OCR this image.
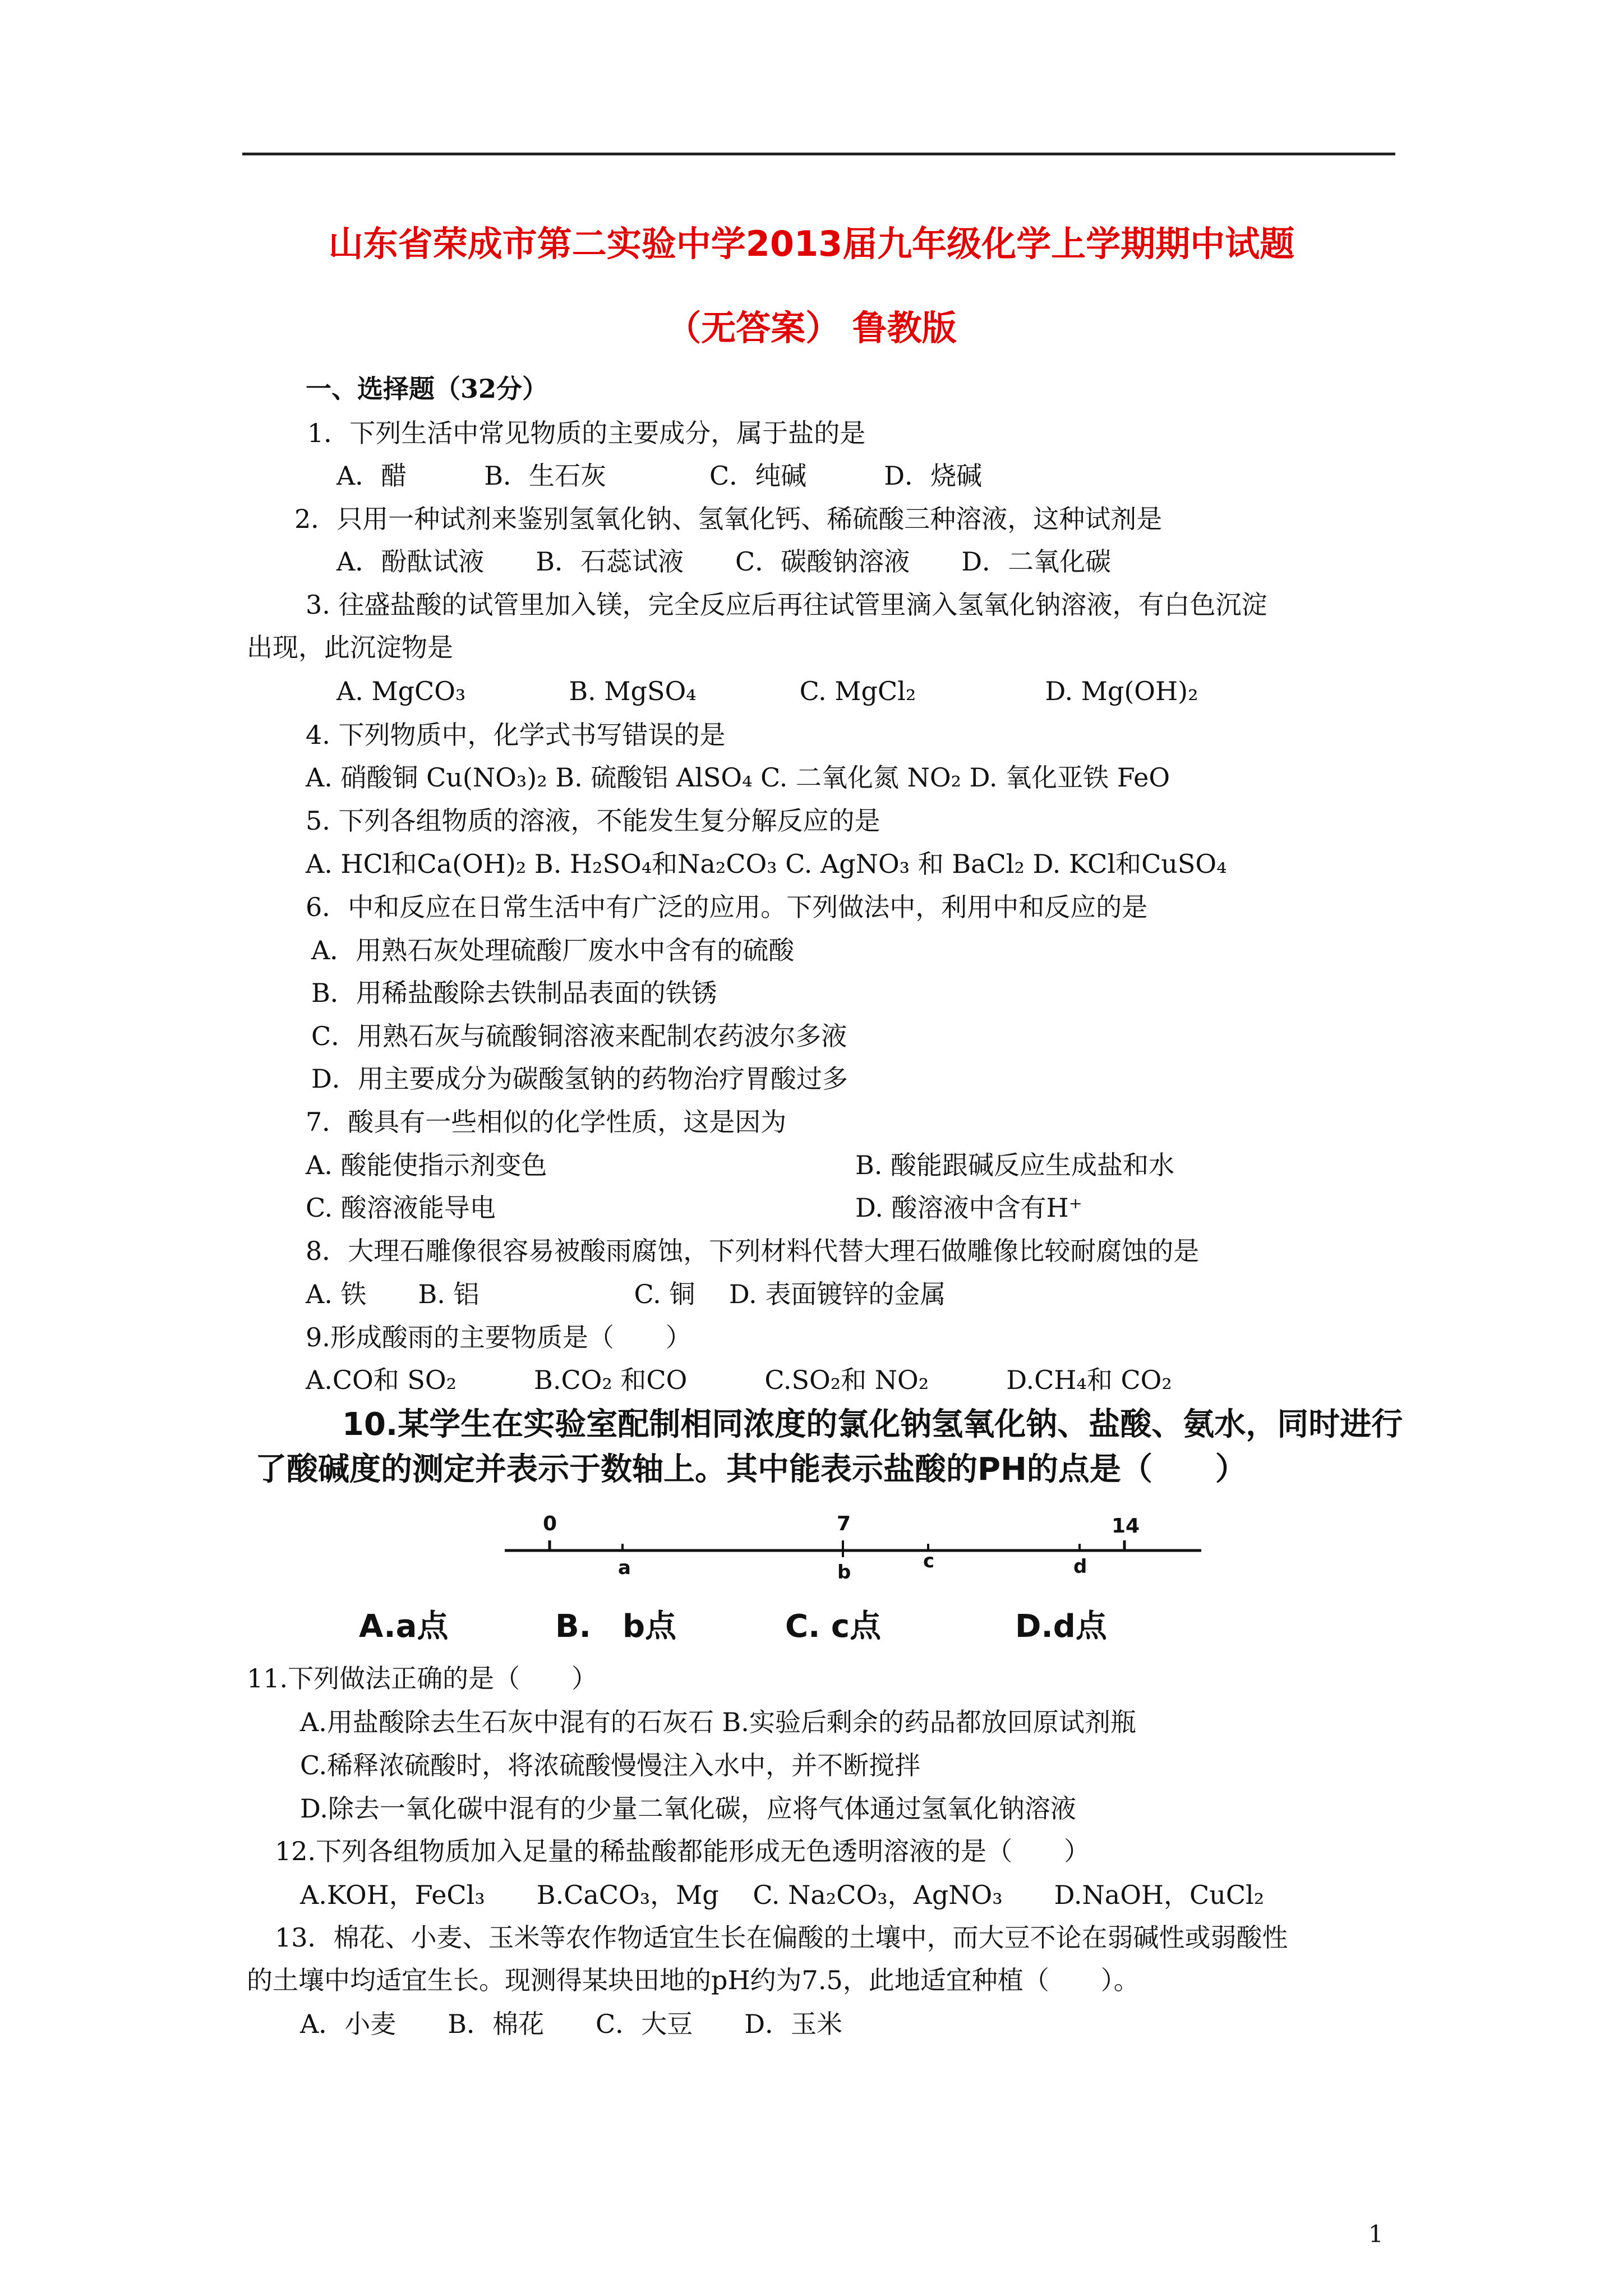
山东省荣成市第二实验中学2013届九年级化学上学期期中试题
（无答案） 鲁教版
一、选择题（32分）
1．下列生活中常见物质的主要成分，属于盐的是
A．醋　　　B．生石灰　　　　C．纯碱　　　D．烧碱
2．只用一种试剂来鉴别氢氧化钠、氢氧化钙、稀硫酸三种溶液，这种试剂是
A．酚酞试液　　B．石蕊试液　　C．碳酸钠溶液　　D．二氧化碳
3. 往盛盐酸的试管里加入镁，完全反应后再往试管里滴入氢氧化钠溶液，有白色沉淀
出现，此沉淀物是
A. MgCO₃　　　　B. MgSO₄　　　　C. MgCl₂　　　　　D. Mg(OH)₂
4. 下列物质中，化学式书写错误的是
A. 硝酸铜 Cu(NO₃)₂ B. 硫酸铝 AlSO₄ C. 二氧化氮 NO₂ D. 氧化亚铁 FeO
5. 下列各组物质的溶液，不能发生复分解反应的是
A. HCl和Ca(OH)₂ B. H₂SO₄和Na₂CO₃ C. AgNO₃ 和 BaCl₂ D. KCl和CuSO₄
6．中和反应在日常生活中有广泛的应用。下列做法中，利用中和反应的是
A．用熟石灰处理硫酸厂废水中含有的硫酸
B．用稀盐酸除去铁制品表面的铁锈
C．用熟石灰与硫酸铜溶液来配制农药波尔多液
D．用主要成分为碳酸氢钠的药物治疗胃酸过多
7．酸具有一些相似的化学性质，这是因为
A. 酸能使指示剂变色	B. 酸能跟碱反应生成盐和水
C. 酸溶液能导电	D. 酸溶液中含有H⁺
8．大理石雕像很容易被酸雨腐蚀，下列材料代替大理石做雕像比较耐腐蚀的是
A. 铁　　B. 铝　　　　　　C. 铜　 D. 表面镀锌的金属
9.形成酸雨的主要物质是（　　）
A.CO和 SO₂　　　B.CO₂ 和CO　　　C.SO₂和 NO₂　　　D.CH₄和 CO₂
10.某学生在实验室配制相同浓度的氯化钠氢氧化钠、盐酸、氨水，同时进行
了酸碱度的测定并表示于数轴上。其中能表示盐酸的PH的点是（　　）
0	7	14
a	b	c	d
A.a点	B.　b点	C. c点	D.d点
11.下列做法正确的是（　　）
A.用盐酸除去生石灰中混有的石灰石 B.实验后剩余的药品都放回原试剂瓶
C.稀释浓硫酸时，将浓硫酸慢慢注入水中，并不断搅拌
D.除去一氧化碳中混有的少量二氧化碳，应将气体通过氢氧化钠溶液
12.下列各组物质加入足量的稀盐酸都能形成无色透明溶液的是（　　）
A.KOH，FeCl₃　　B.CaCO₃，Mg　 C. Na₂CO₃，AgNO₃　　D.NaOH，CuCl₂
13．棉花、小麦、玉米等农作物适宜生长在偏酸的土壤中，而大豆不论在弱碱性或弱酸性
的土壤中均适宜生长。现测得某块田地的pH约为7.5，此地适宜种植（　　）。
A．小麦　　B．棉花　　C．大豆　　D．玉米
1
